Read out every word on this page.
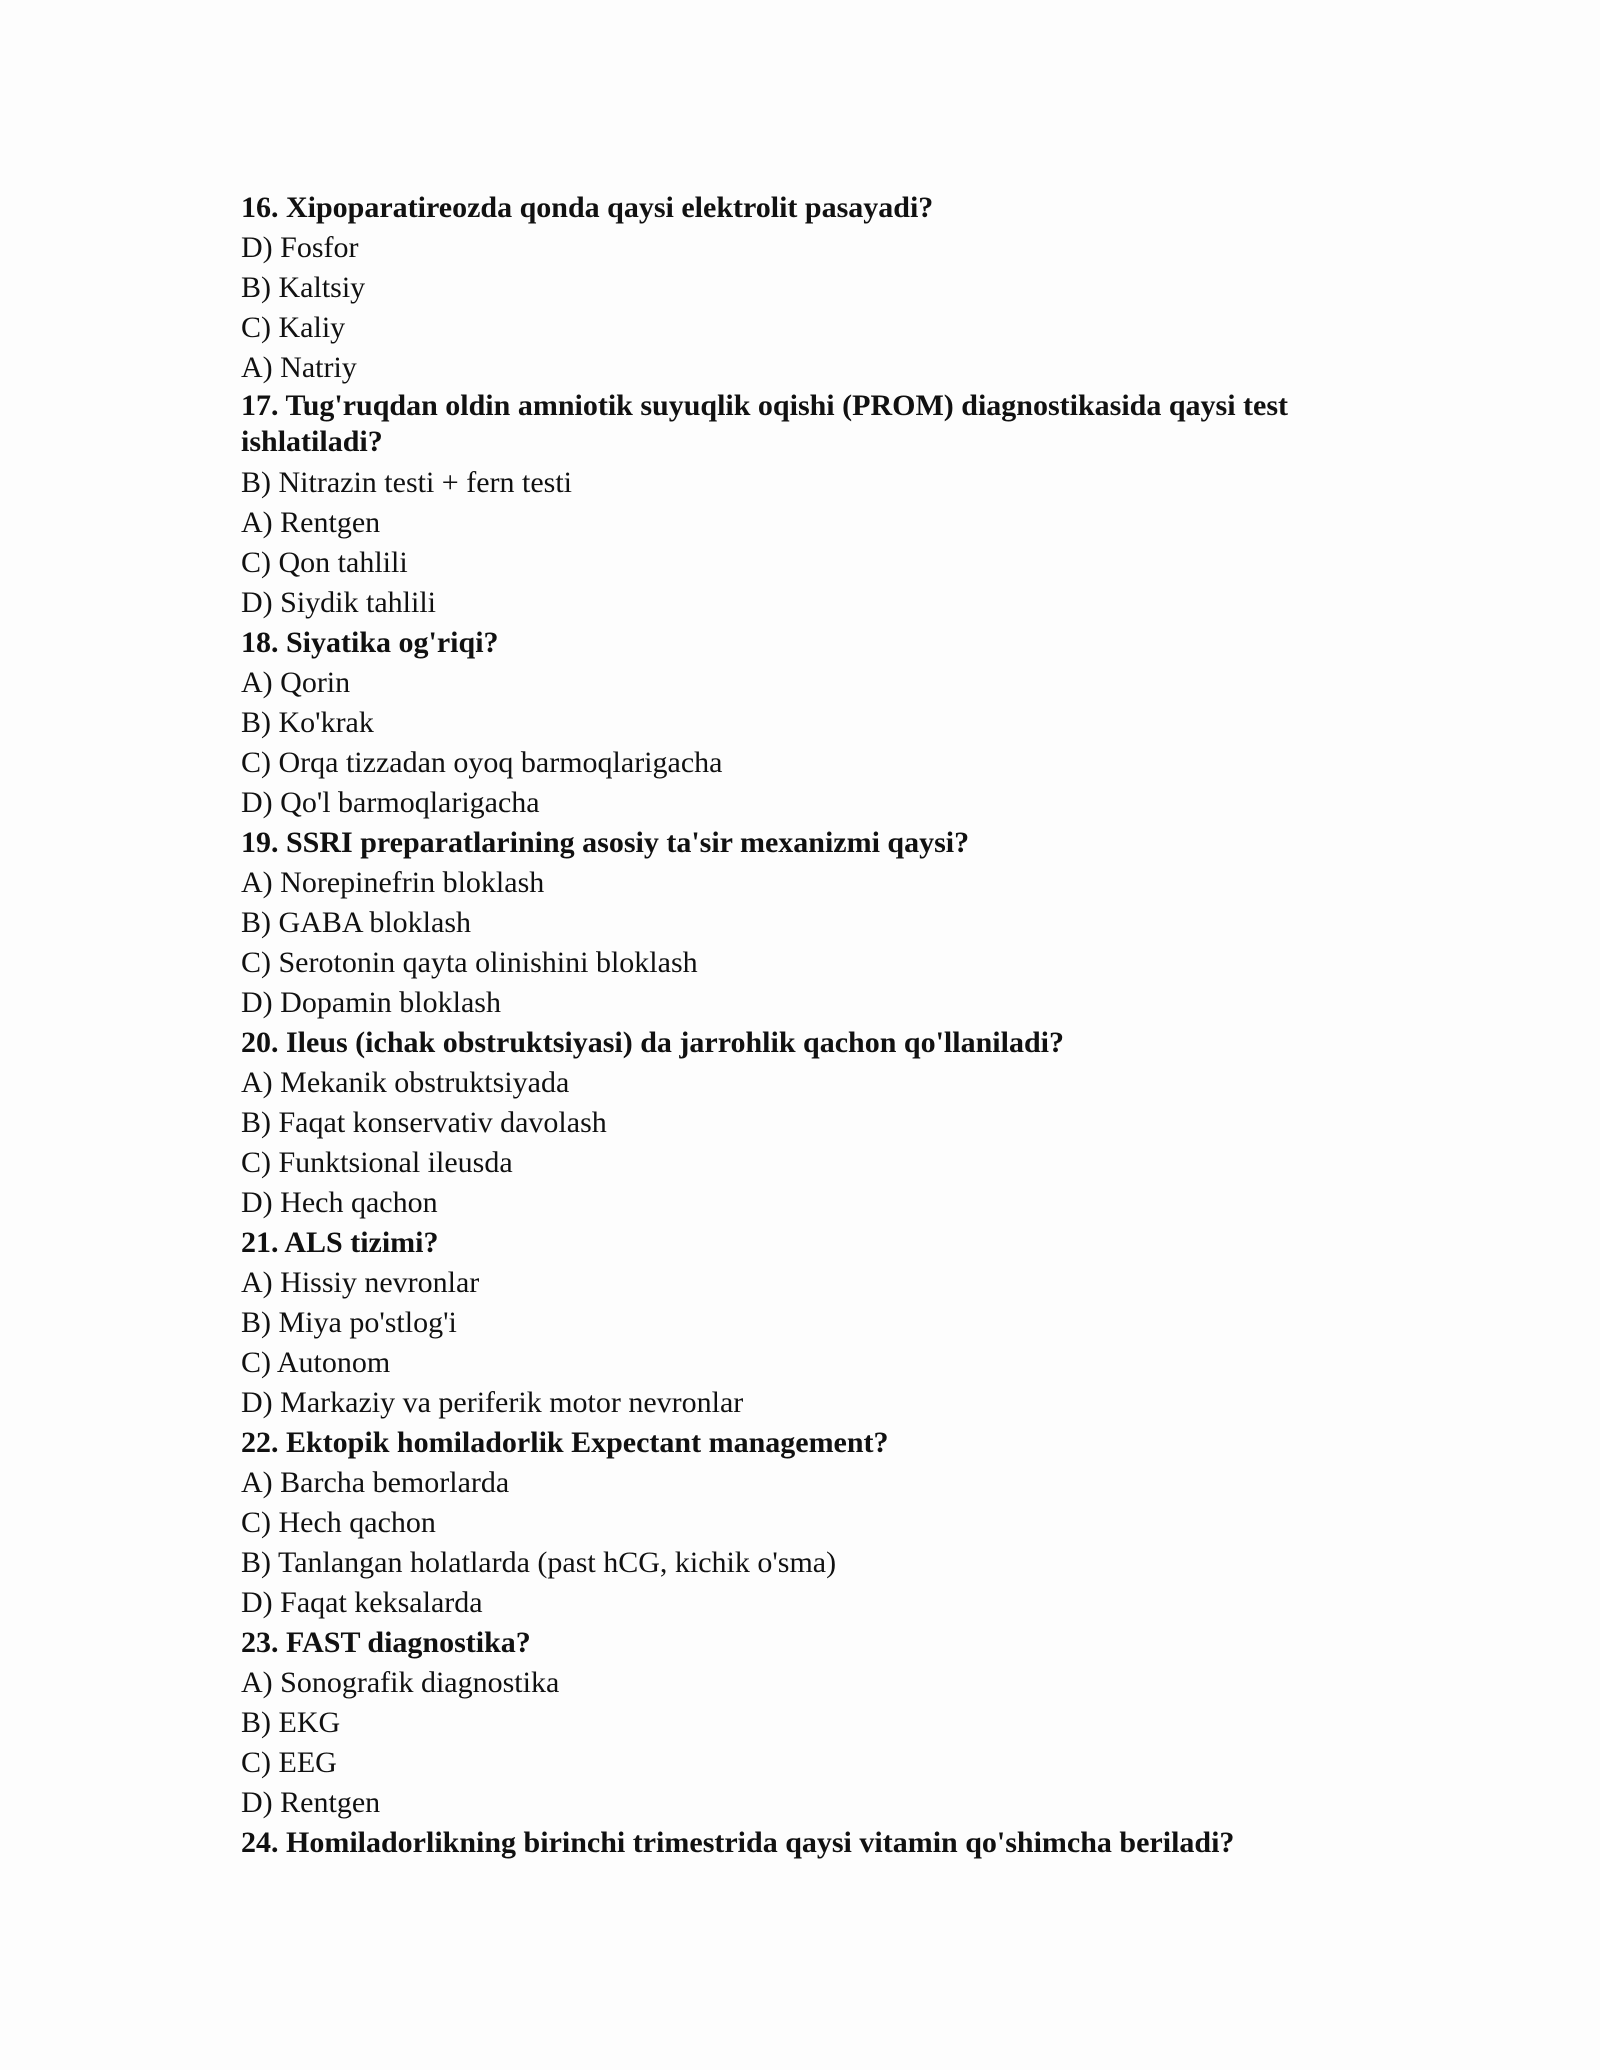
16. Xipoparatireozda qonda qaysi elektrolit pasayadi?
D) Fosfor
B) Kaltsiy
C) Kaliy
A) Natriy
17. Tug'ruqdan oldin amniotik suyuqlik oqishi (PROM) diagnostikasida qaysi test ishlatiladi?
B) Nitrazin testi + fern testi
A) Rentgen
C) Qon tahlili
D) Siydik tahlili
18. Siyatika og'riqi?
A) Qorin
B) Ko'krak
C) Orqa tizzadan oyoq barmoqlarigacha
D) Qo'l barmoqlarigacha
19. SSRI preparatlarining asosiy ta'sir mexanizmi qaysi?
A) Norepinefrin bloklash
B) GABA bloklash
C) Serotonin qayta olinishini bloklash
D) Dopamin bloklash
20. Ileus (ichak obstruktsiyasi) da jarrohlik qachon qo'llaniladi?
A) Mekanik obstruktsiyada
B) Faqat konservativ davolash
C) Funktsional ileusda
D) Hech qachon
21. ALS tizimi?
A) Hissiy nevronlar
B) Miya po'stlog'i
C) Autonom
D) Markaziy va periferik motor nevronlar
22. Ektopik homiladorlik Expectant management?
A) Barcha bemorlarda
C) Hech qachon
B) Tanlangan holatlarda (past hCG, kichik o'sma)
D) Faqat keksalarda
23. FAST diagnostika?
A) Sonografik diagnostika
B) EKG
C) EEG
D) Rentgen
24. Homiladorlikning birinchi trimestrida qaysi vitamin qo'shimcha beriladi?
